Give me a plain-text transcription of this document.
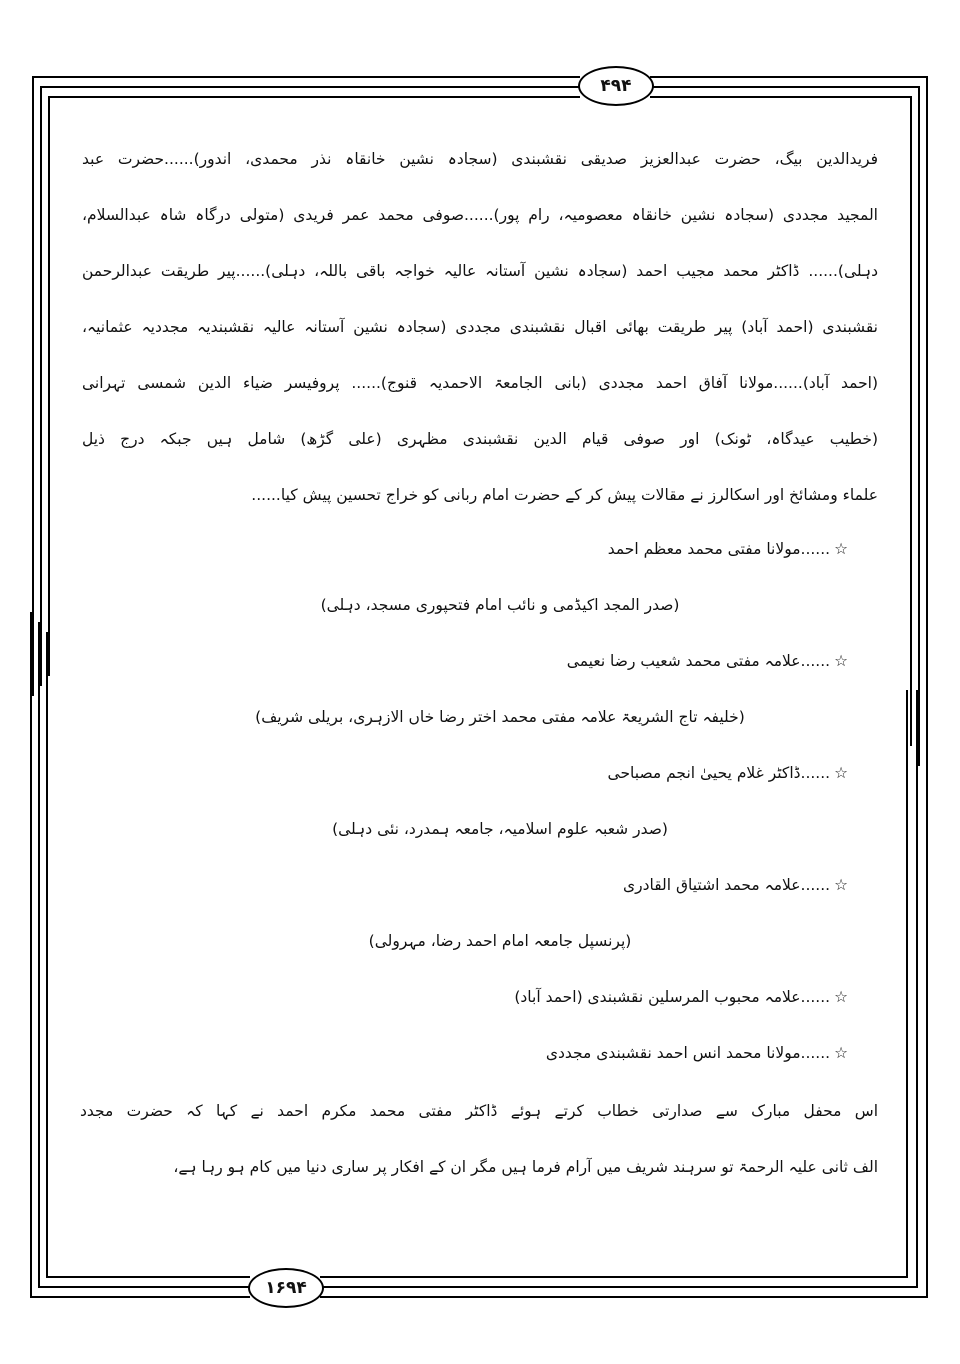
۴۹۴
۱۶۹۴
فریدالدین بیگ، حضرت عبدالعزیز صدیقی نقشبندی (سجادہ نشین خانقاہ نذر محمدی، اندور)......حضرت عبد
المجید مجددی (سجادہ نشین خانقاہ معصومیہ، رام پور)......صوفی محمد عمر فریدی (متولی درگاہ شاہ عبدالسلام،
دہلی)...... ڈاکٹر محمد مجیب احمد (سجادہ نشین آستانہ عالیہ خواجہ باقی باللہ، دہلی)......پیر طریقت عبدالرحمن
نقشبندی (احمد آباد) پیر طریقت بھائی اقبال نقشبندی مجددی (سجادہ نشین آستانہ عالیہ نقشبندیہ مجددیہ عثمانیہ،
(احمد آباد)......مولانا آفاق احمد مجددی (بانی الجامعۃ الاحمدیہ قنوج)...... پروفیسر ضیاء الدین شمسی تہرانی
(خطیب عیدگاہ، ٹونک) اور صوفی قیام الدین نقشبندی مظہری (علی گڑھ) شامل ہیں جبکہ درج ذیل
علماء ومشائخ اور اسکالرز نے مقالات پیش کر کے حضرت امام ربانی کو خراج تحسین پیش کیا......
☆......مولانا مفتی محمد معظم احمد
(صدر المجد اکیڈمی و نائب امام فتحپوری مسجد، دہلی)
☆......علامہ مفتی محمد شعیب رضا نعیمی
(خلیفہ تاج الشریعۃ علامہ مفتی محمد اختر رضا خاں الازہری، بریلی شریف)
☆......ڈاکٹر غلام یحییٰ انجم مصباحی
(صدر شعبہ علوم اسلامیہ، جامعہ ہمدرد، نئی دہلی)
☆......علامہ محمد اشتیاق القادری
(پرنسپل جامعہ امام احمد رضا، مہرولی)
☆......علامہ محبوب المرسلین نقشبندی (احمد آباد)
☆......مولانا محمد انس احمد نقشبندی مجددی
اس محفل مبارک سے صدارتی خطاب کرتے ہوئے ڈاکٹر مفتی محمد مکرم احمد نے کہا کہ حضرت مجدد
الف ثانی علیہ الرحمۃ تو سرہند شریف میں آرام فرما ہیں مگر ان کے افکار پر ساری دنیا میں کام ہو رہا ہے،
